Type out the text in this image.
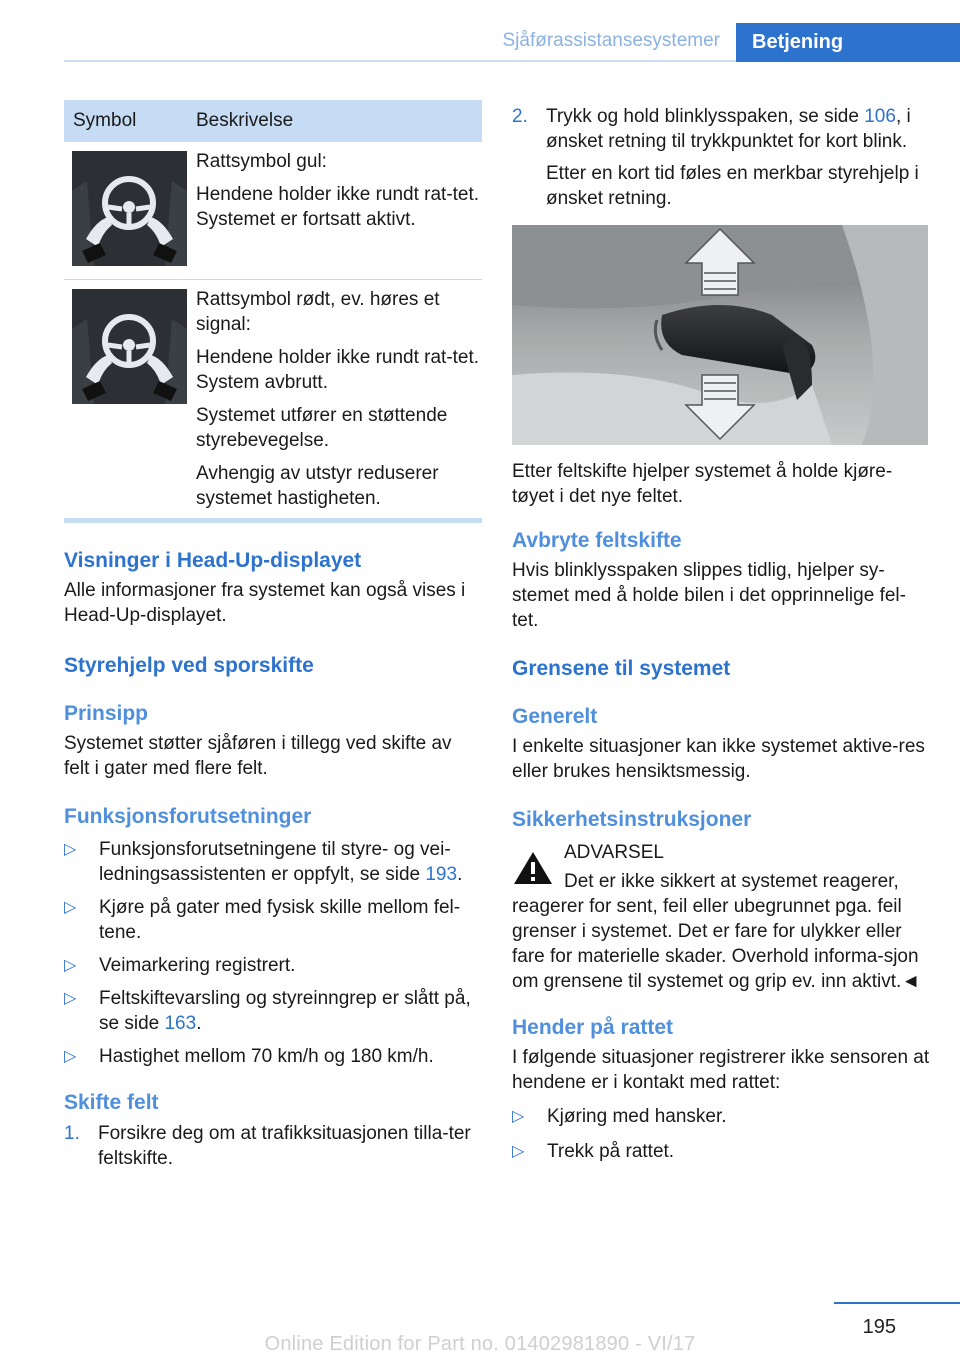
Sjåførassistansesystemer	Betjening
Symbol	Beskrivelse

Rattsymbol gul:

Hendene holder ikke rundt rat-tet. Systemet er fortsatt aktivt.

Rattsymbol rødt, ev. høres et signal:

Hendene holder ikke rundt rat-tet. System avbrutt.

Systemet utfører en støttende styrebevegelse.

Avhengig av utstyr reduserer systemet hastigheten.

Visninger i Head-Up-displayet

Alle informasjoner fra systemet kan også vises i Head-Up-displayet.

Styrehjelp ved sporskifte
Prinsipp

Systemet støtter sjåføren i tillegg ved skifte av felt i gater med flere felt.

Funksjonsforutsetninger
▷ Funksjonsforutsetningene til styre- og vei-ledningsassistenten er oppfylt, se side 193.
▷ Kjøre på gater med fysisk skille mellom fel-tene.
▷ Veimarkering registrert.
▷ Feltskiftevarsling og styreinngrep er slått på, se side 163.
▷ Hastighet mellom 70 km/h og 180 km/h.
Skifte felt
1. Forsikre deg om at trafikksituasjonen tilla-ter feltskifte.
2. Trykk og hold blinklysspaken, se side 106, i ønsket retning til trykkpunktet for kort blink.

Etter en kort tid føles en merkbar styrehjelp i ønsket retning.

Etter feltskifte hjelper systemet å holde kjøre-tøyet i det nye feltet.

Avbryte feltskifte

Hvis blinklysspaken slippes tidlig, hjelper sy-stemet med å holde bilen i det opprinnelige fel-tet.

Grensene til systemet
Generelt

I enkelte situasjoner kan ikke systemet aktive-res eller brukes hensiktsmessig.

Sikkerhetsinstruksjoner

ADVARSEL

Det er ikke sikkert at systemet reagerer, reagerer for sent, feil eller ubegrunnet pga. feil grenser i systemet. Det er fare for ulykker eller fare for materielle skader. Overhold informa-sjon om grensene til systemet og grip ev. inn aktivt.◄

Hender på rattet

I følgende situasjoner registrerer ikke sensoren at hendene er i kontakt med rattet:

▷ Kjøring med hansker.
▷ Trekk på rattet.
195
Online Edition for Part no. 01402981890 - VI/17
